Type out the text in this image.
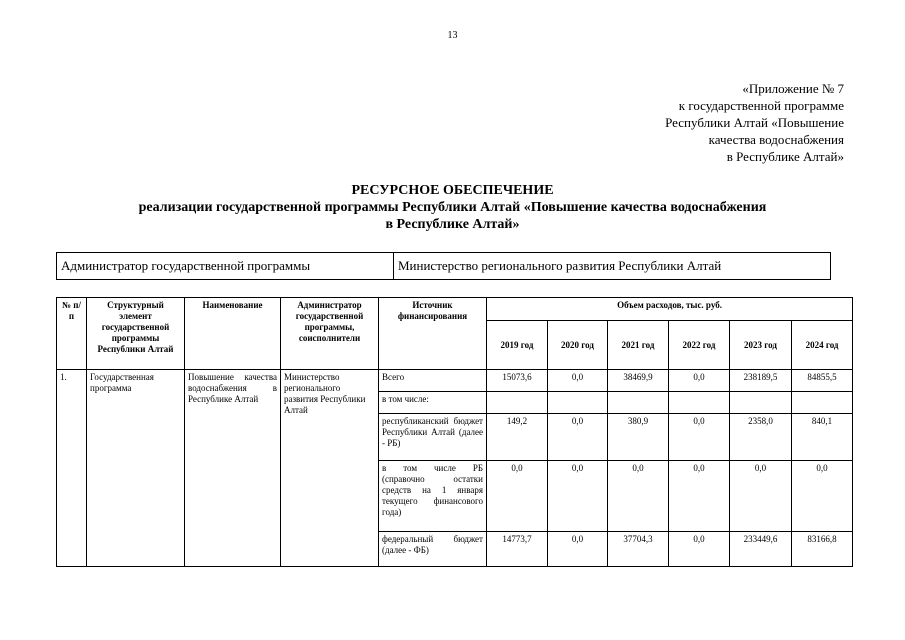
13
«Приложение № 7
к государственной программе
Республики Алтай «Повышение
качества водоснабжения
в Республике Алтай»
РЕСУРСНОЕ ОБЕСПЕЧЕНИЕ
реализации государственной программы Республики Алтай «Повышение качества водоснабжения
в Республике Алтай»
Администратор государственной программы	Министерство регионального развития Республики Алтай
№ п/п	Структурный элемент государственной программы Республики Алтай	Наименование	Администратор государственной программы, соисполнители	Источник финансирования	Объем расходов, тыс. руб.					
					2019 год	2020 год	2021 год	2022 год	2023 год	2024 год
1.	Государственная программа	Повышение качества водоснабжения в Республике Алтай	Министерство регионального развития Республики Алтай	Всего	15073,6	0,0	38469,9	0,0	238189,5	84855,5
				в том числе:						
				республиканский бюджет Республики Алтай (далее - РБ)	149,2	0,0	380,9	0,0	2358,0	840,1
				в том числе РБ (справочно остатки средств на 1 января текущего финансового года)	0,0	0,0	0,0	0,0	0,0	0,0
				федеральный бюджет (далее - ФБ)	14773,7	0,0	37704,3	0,0	233449,6	83166,8
